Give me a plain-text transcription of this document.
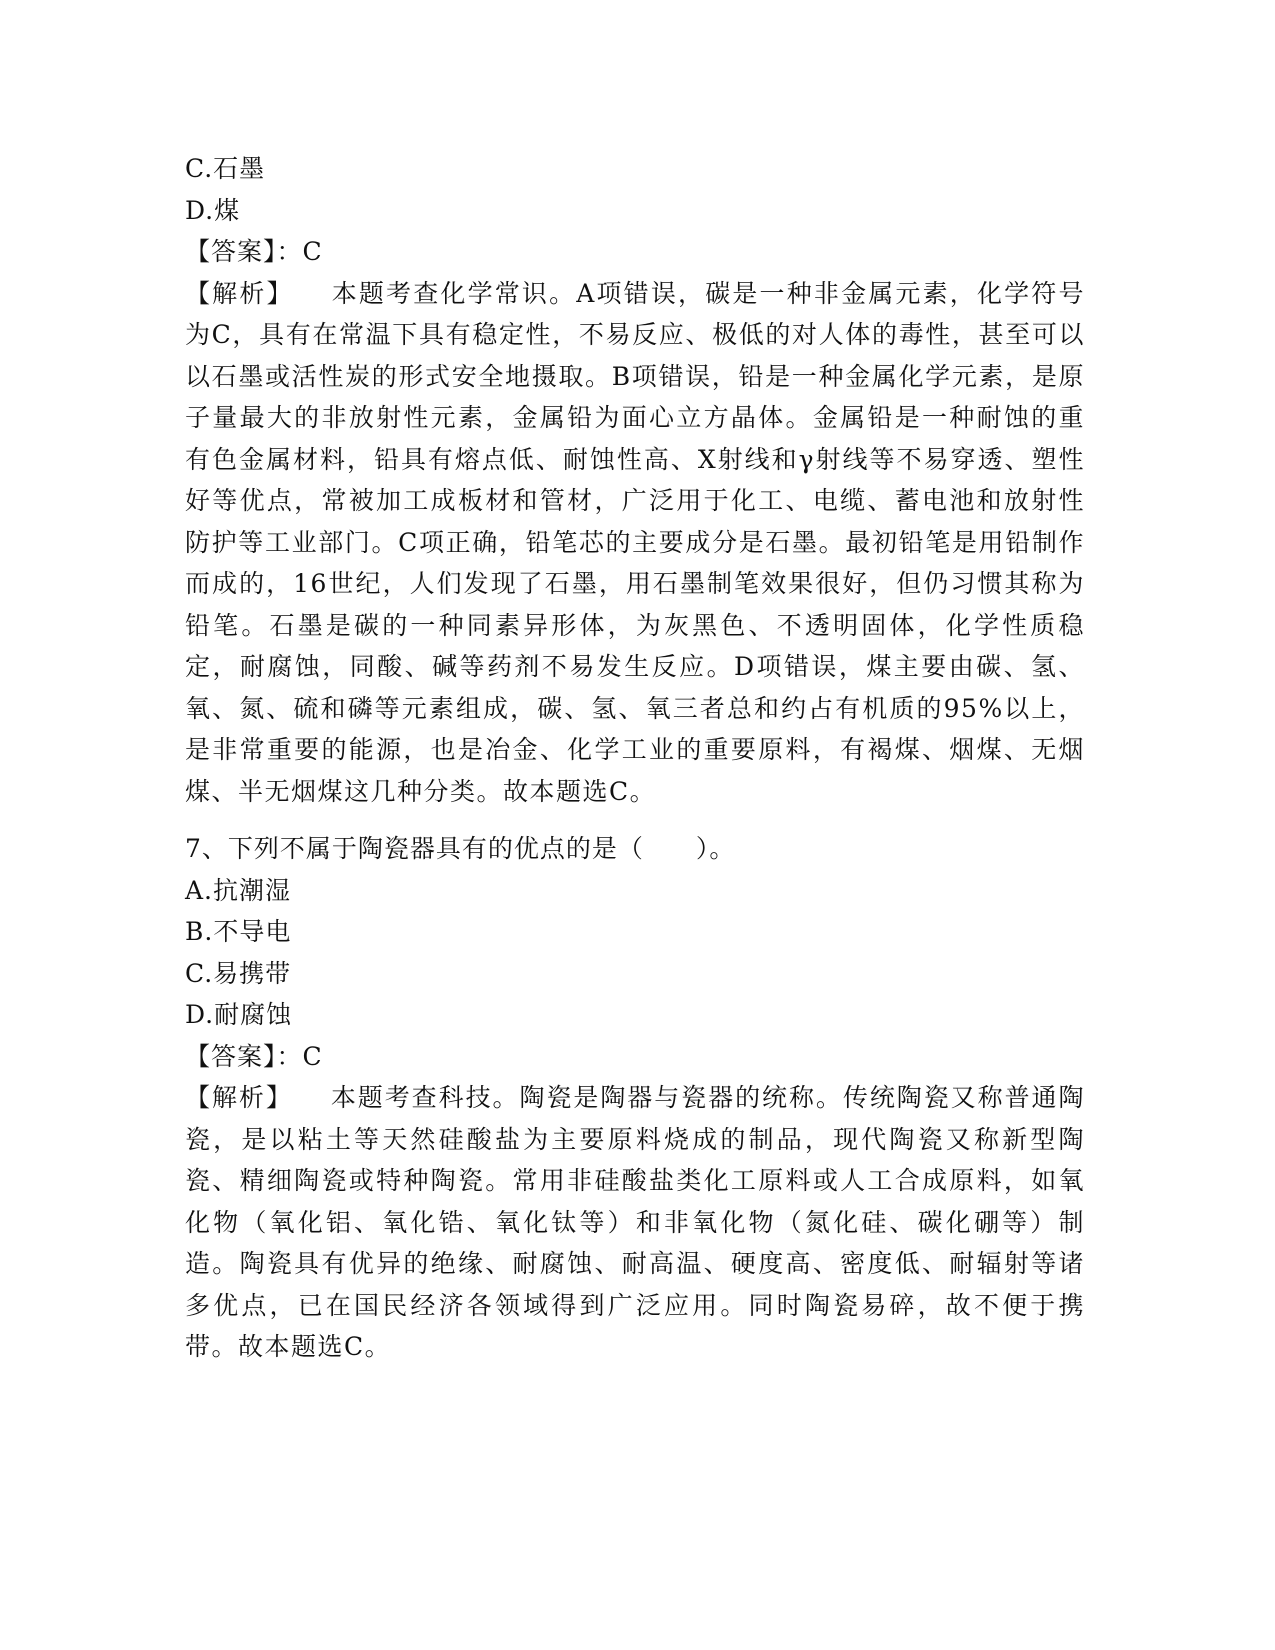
C.石墨
D.煤
【答案】：C
【解析】 本题考查化学常识。A项错误，碳是一种非金属元素，化学符号为C，具有在常温下具有稳定性，不易反应、极低的对人体的毒性，甚至可以以石墨或活性炭的形式安全地摄取。B项错误，铅是一种金属化学元素，是原子量最大的非放射性元素，金属铅为面心立方晶体。金属铅是一种耐蚀的重有色金属材料，铅具有熔点低、耐蚀性高、X射线和γ射线等不易穿透、塑性好等优点，常被加工成板材和管材，广泛用于化工、电缆、蓄电池和放射性防护等工业部门。C项正确，铅笔芯的主要成分是石墨。最初铅笔是用铅制作而成的，16世纪，人们发现了石墨，用石墨制笔效果很好，但仍习惯其称为铅笔。石墨是碳的一种同素异形体，为灰黑色、不透明固体，化学性质稳定，耐腐蚀，同酸、碱等药剂不易发生反应。D项错误，煤主要由碳、氢、氧、氮、硫和磷等元素组成，碳、氢、氧三者总和约占有机质的95%以上，是非常重要的能源，也是冶金、化学工业的重要原料，有褐煤、烟煤、无烟煤、半无烟煤这几种分类。故本题选C。
7、下列不属于陶瓷器具有的优点的是（　　）。
A.抗潮湿
B.不导电
C.易携带
D.耐腐蚀
【答案】：C
【解析】 本题考查科技。陶瓷是陶器与瓷器的统称。传统陶瓷又称普通陶瓷，是以粘土等天然硅酸盐为主要原料烧成的制品，现代陶瓷又称新型陶瓷、精细陶瓷或特种陶瓷。常用非硅酸盐类化工原料或人工合成原料，如氧化物（氧化铝、氧化锆、氧化钛等）和非氧化物（氮化硅、碳化硼等）制造。陶瓷具有优异的绝缘、耐腐蚀、耐高温、硬度高、密度低、耐辐射等诸多优点，已在国民经济各领域得到广泛应用。同时陶瓷易碎，故不便于携带。故本题选C。
